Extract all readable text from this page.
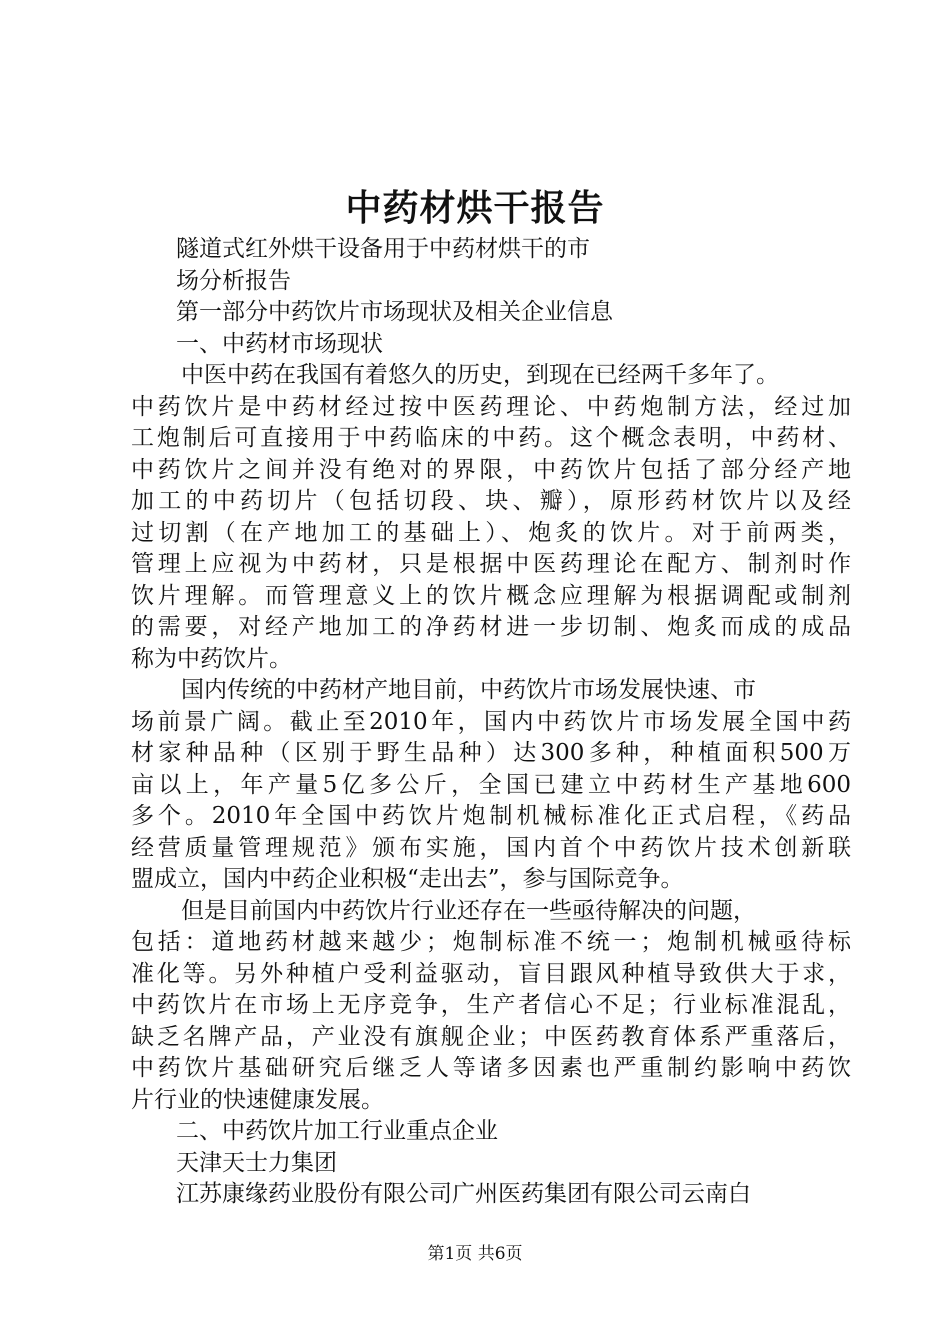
中药材烘干报告
隧道式红外烘干设备用于中药材烘干的市
场分析报告
第一部分中药饮片市场现状及相关企业信息
一、中药材市场现状
中医中药在我国有着悠久的历史，到现在已经两千多年了。
中药饮片是中药材经过按中医药理论、中药炮制方法，经过加
工炮制后可直接用于中药临床的中药。这个概念表明，中药材、
中药饮片之间并没有绝对的界限，中药饮片包括了部分经产地
加工的中药切片（包括切段、块、瓣），原形药材饮片以及经
过切割（在产地加工的基础上）、炮炙的饮片。对于前两类，
管理上应视为中药材，只是根据中医药理论在配方、制剂时作
饮片理解。而管理意义上的饮片概念应理解为根据调配或制剂
的需要，对经产地加工的净药材进一步切制、炮炙而成的成品
称为中药饮片。
国内传统的中药材产地目前，中药饮片市场发展快速、市
场前景广阔。截止至2010年，国内中药饮片市场发展全国中药
材家种品种（区别于野生品种）达300多种，种植面积500万
亩以上，年产量5亿多公斤，全国已建立中药材生产基地600
多个。2010年全国中药饮片炮制机械标准化正式启程，《药品
经营质量管理规范》颁布实施，国内首个中药饮片技术创新联
盟成立，国内中药企业积极“走出去”，参与国际竞争。
但是目前国内中药饮片行业还存在一些亟待解决的问题，
包括：道地药材越来越少；炮制标准不统一；炮制机械亟待标
准化等。另外种植户受利益驱动，盲目跟风种植导致供大于求，
中药饮片在市场上无序竞争，生产者信心不足；行业标准混乱，
缺乏名牌产品，产业没有旗舰企业；中医药教育体系严重落后，
中药饮片基础研究后继乏人等诸多因素也严重制约影响中药饮
片行业的快速健康发展。
二、中药饮片加工行业重点企业
天津天士力集团
江苏康缘药业股份有限公司广州医药集团有限公司云南白
第1页 共6页
